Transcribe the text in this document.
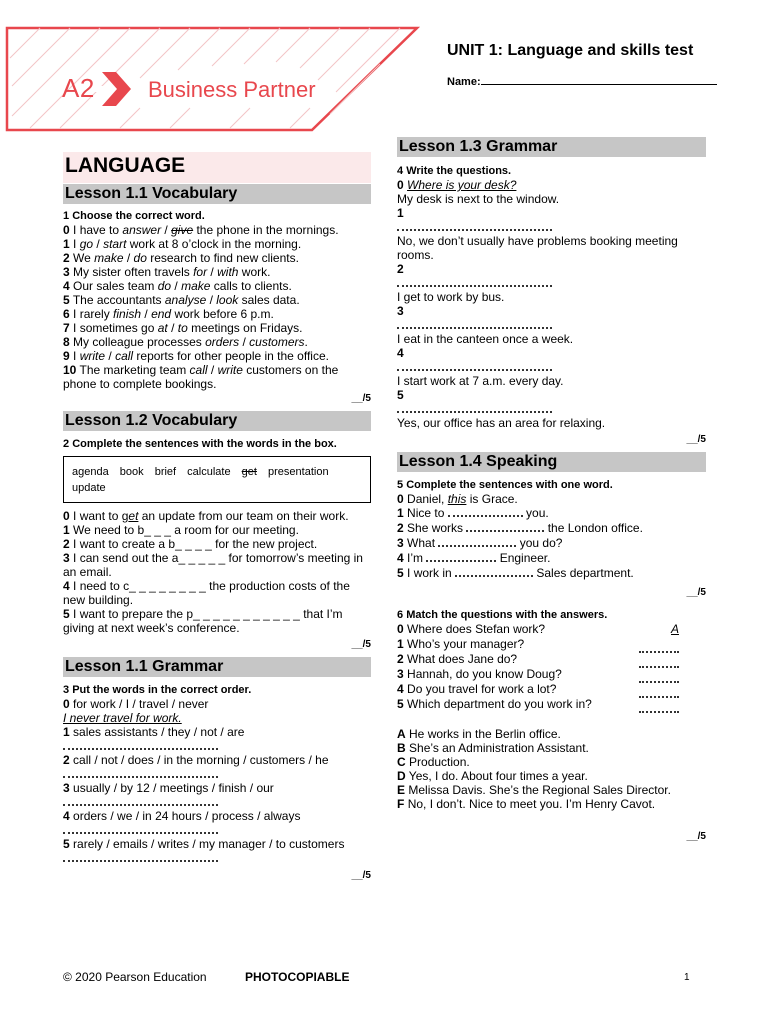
A2 Business Partner
UNIT 1: Language and skills test
Name:
LANGUAGE
Lesson 1.1 Vocabulary
1 Choose the correct word.
0 I have to answer / give the phone in the mornings.
1 I go / start work at 8 o’clock in the morning.
2 We make / do research to find new clients.
3 My sister often travels for / with work.
4 Our sales team do / make calls to clients.
5 The accountants analyse / look sales data.
6 I rarely finish / end work before 6 p.m.
7 I sometimes go at / to meetings on Fridays.
8 My colleague processes orders / customers.
9 I write / call reports for other people in the office.
10 The marketing team call / write customers on the phone to complete bookings.
__/5
Lesson 1.2 Vocabulary
2 Complete the sentences with the words in the box.
agenda book brief calculate get presentation update
0 I want to get an update from our team on their work.
1 We need to b_ _ _ a room for our meeting.
2 I want to create a b_ _ _ _ for the new project.
3 I can send out the a_ _ _ _ _ for tomorrow’s meeting in an email.
4 I need to c_ _ _ _ _ _ _ _ the production costs of the new building.
5 I want to prepare the p_ _ _ _ _ _ _ _ _ _ _ that I’m giving at next week’s conference.
__/5
Lesson 1.1 Grammar
3 Put the words in the correct order.
0 for work / I / travel / never
I never travel for work.
1 sales assistants / they / not / are
2 call / not / does / in the morning / customers / he
3 usually / by 12 / meetings / finish / our
4 orders / we / in 24 hours / process / always
5 rarely / emails / writes / my manager / to customers
__/5
Lesson 1.3 Grammar
4 Write the questions.
0 Where is your desk?
My desk is next to the window.
1

No, we don’t usually have problems booking meeting rooms.
2

I get to work by bus.
3

I eat in the canteen once a week.
4

I start work at 7 a.m. every day.
5

Yes, our office has an area for relaxing.
__/5
Lesson 1.4 Speaking
5 Complete the sentences with one word.
0 Daniel, this is Grace.
1 Nice to	you.
2 She works	the London office.
3 What	you do?
4 I’m	Engineer.
5 I work in	Sales department.
__/5
6 Match the questions with the answers.
0 Where does Stefan work?	A
1 Who’s your manager?
2 What does Jane do?
3 Hannah, do you know Doug?
4 Do you travel for work a lot?
5 Which department do you work in?
A He works in the Berlin office.
B She’s an Administration Assistant.
C Production.
D Yes, I do. About four times a year.
E Melissa Davis. She’s the Regional Sales Director.
F No, I don’t. Nice to meet you. I’m Henry Cavot.
__/5
© 2020 Pearson Education	PHOTOCOPIABLE	1
